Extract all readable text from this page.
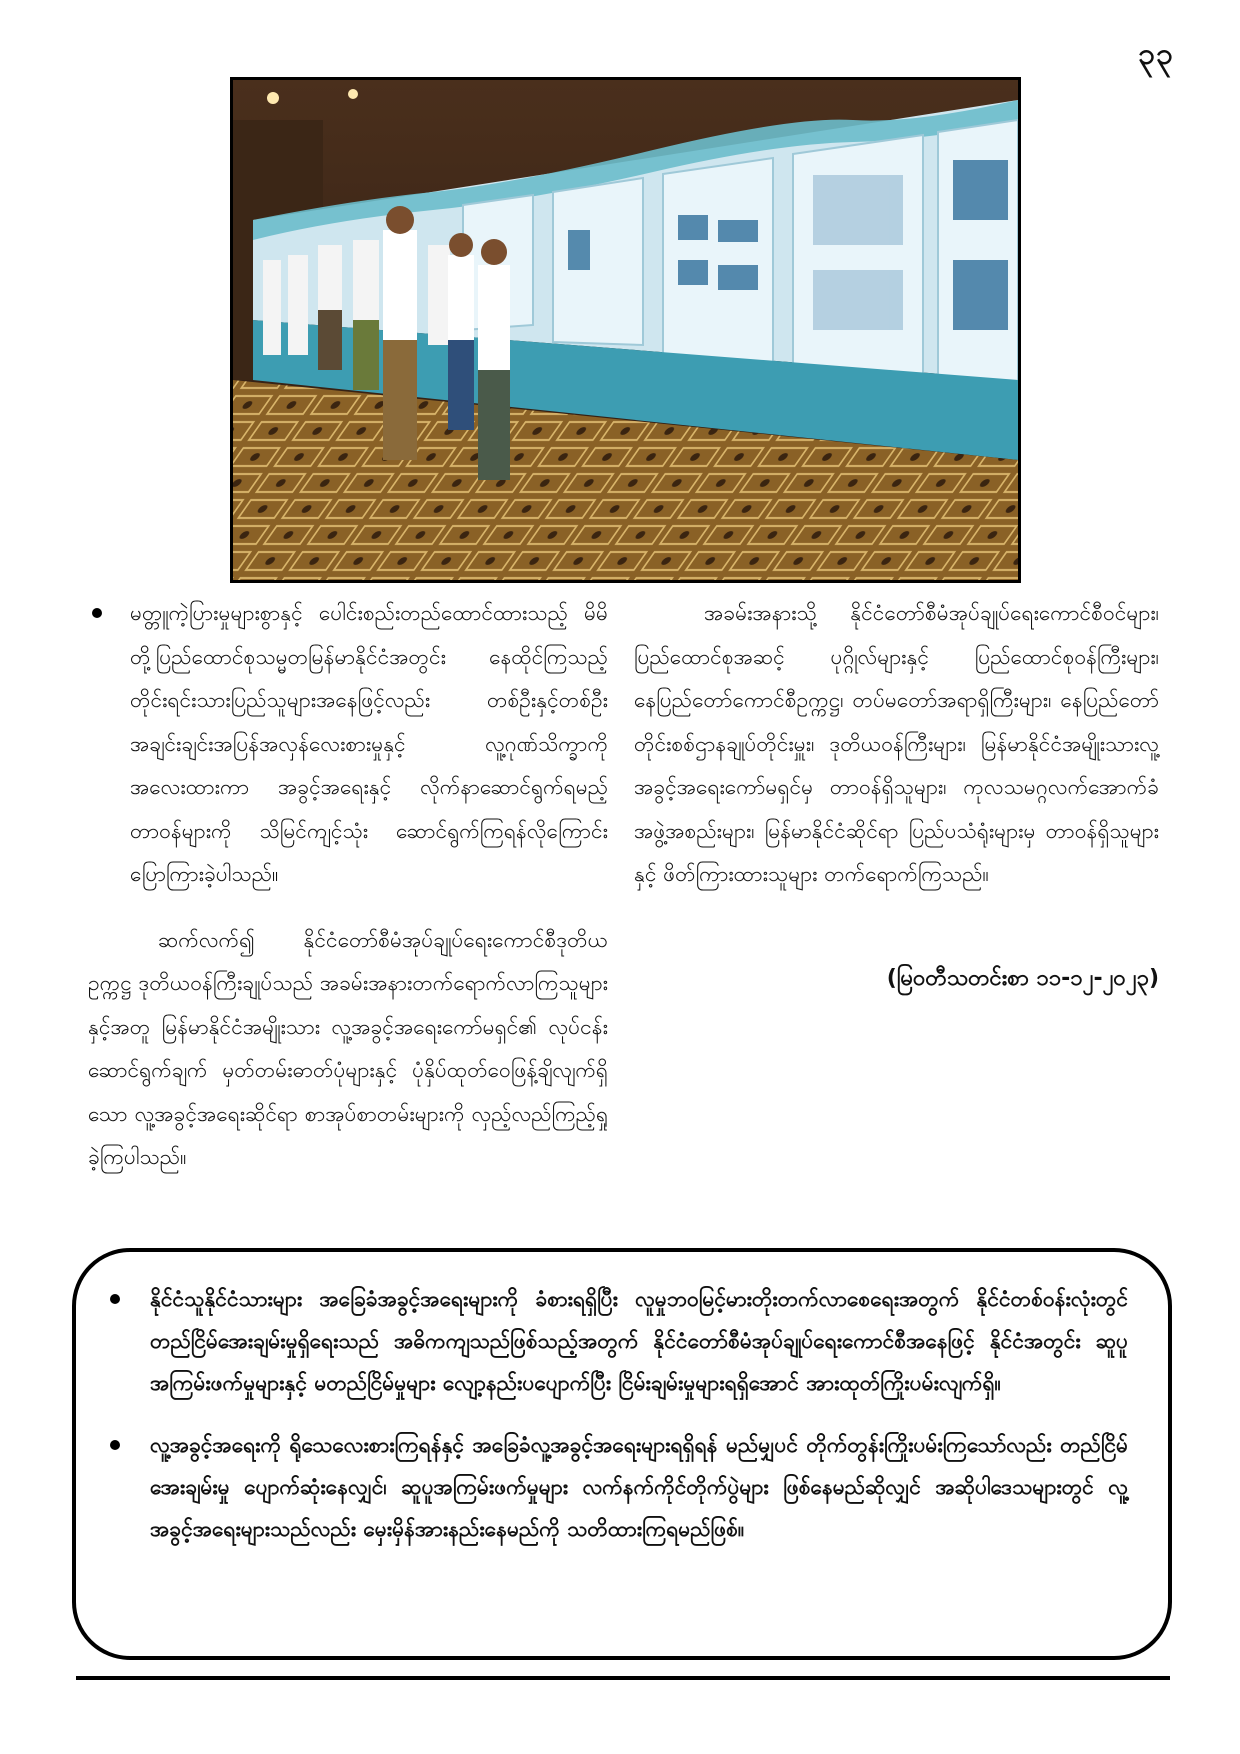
၃၃

မတ္တူကဲ့ပြားမှုများစွာနှင့် ပေါင်းစည်းတည်ထောင်ထားသည့် မိမိတို့ပြည်ထောင်စုသမ္မတမြန်မာနိုင်ငံအတွင်း နေထိုင်ကြသည့် တိုင်းရင်းသားပြည်သူများအနေဖြင့်လည်း တစ်ဦးနှင့်တစ်ဦး အချင်းချင်းအပြန်အလှန်လေးစားမှုနှင့် လူ့ဂုဏ်သိက္ခာကို အလေးထားကာ အခွင့်အရေးနှင့် လိုက်နာဆောင်ရွက်ရမည့်တာဝန်များကို သိမြင်ကျင့်သုံး ဆောင်ရွက်ကြရန်လိုကြောင်း ပြောကြားခဲ့ပါသည်။

ဆက်လက်၍ နိုင်ငံတော်စီမံအုပ်ချုပ်ရေးကောင်စီဒုတိယဥက္ကဋ္ဌ ဒုတိယဝန်ကြီးချုပ်သည် အခမ်းအနားတက်ရောက်လာကြသူများနှင့်အတူ မြန်မာနိုင်ငံအမျိုးသား လူ့အခွင့်အရေးကော်မရှင်၏ လုပ်ငန်းဆောင်ရွက်ချက် မှတ်တမ်းဓာတ်ပုံများနှင့် ပုံနှိပ်ထုတ်ဝေဖြန့်ချိလျက်ရှိသော လူ့အခွင့်အရေးဆိုင်ရာ စာအုပ်စာတမ်းများကို လှည့်လည်ကြည့်ရှုခဲ့ကြပါသည်။

အခမ်းအနားသို့ နိုင်ငံတော်စီမံအုပ်ချုပ်ရေးကောင်စီဝင်များ၊ ပြည်ထောင်စုအဆင့် ပုဂ္ဂိုလ်များနှင့် ပြည်ထောင်စုဝန်ကြီးများ၊ နေပြည်တော်ကောင်စီဥက္ကဋ္ဌ၊ တပ်မတော်အရာရှိကြီးများ၊ နေပြည်တော်တိုင်းစစ်ဌာနချုပ်တိုင်းမှူး၊ ဒုတိယဝန်ကြီးများ၊ မြန်မာနိုင်ငံအမျိုးသားလူ့အခွင့်အရေးကော်မရှင်မှ တာဝန်ရှိသူများ၊ ကုလသမဂ္ဂလက်အောက်ခံ အဖွဲ့အစည်းများ၊ မြန်မာနိုင်ငံဆိုင်ရာ ပြည်ပသံရုံးများမှ တာဝန်ရှိသူများနှင့် ဖိတ်ကြားထားသူများ တက်ရောက်ကြသည်။

(မြဝတီသတင်းစာ ၁၁-၁၂-၂၀၂၃)

နိုင်ငံသူနိုင်ငံသားများ အခြေခံအခွင့်အရေးများကို ခံစားရရှိပြီး လူမှုဘဝမြင့်မားတိုးတက်လာစေရေးအတွက် နိုင်ငံတစ်ဝန်းလုံးတွင် တည်ငြိမ်အေးချမ်းမှုရှိရေးသည် အဓိကကျသည်ဖြစ်သည့်အတွက် နိုင်ငံတော်စီမံအုပ်ချုပ်ရေးကောင်စီအနေဖြင့် နိုင်ငံအတွင်း ဆူပူအကြမ်းဖက်မှုများနှင့် မတည်ငြိမ်မှုများ လျော့နည်းပပျောက်ပြီး ငြိမ်းချမ်းမှုများရရှိအောင် အားထုတ်ကြိုးပမ်းလျက်ရှိ။
လူ့အခွင့်အရေးကို ရိုသေလေးစားကြရန်နှင့် အခြေခံလူ့အခွင့်အရေးများရရှိရန် မည်မျှပင် တိုက်တွန်းကြိုးပမ်းကြသော်လည်း တည်ငြိမ်အေးချမ်းမှု ပျောက်ဆုံးနေလျှင်၊ ဆူပူအကြမ်းဖက်မှုများ လက်နက်ကိုင်တိုက်ပွဲများ ဖြစ်နေမည်ဆိုလျှင် အဆိုပါဒေသများတွင် လူ့အခွင့်အရေးများသည်လည်း မှေးမှိန်အားနည်းနေမည်ကို သတိထားကြရမည်ဖြစ်။
